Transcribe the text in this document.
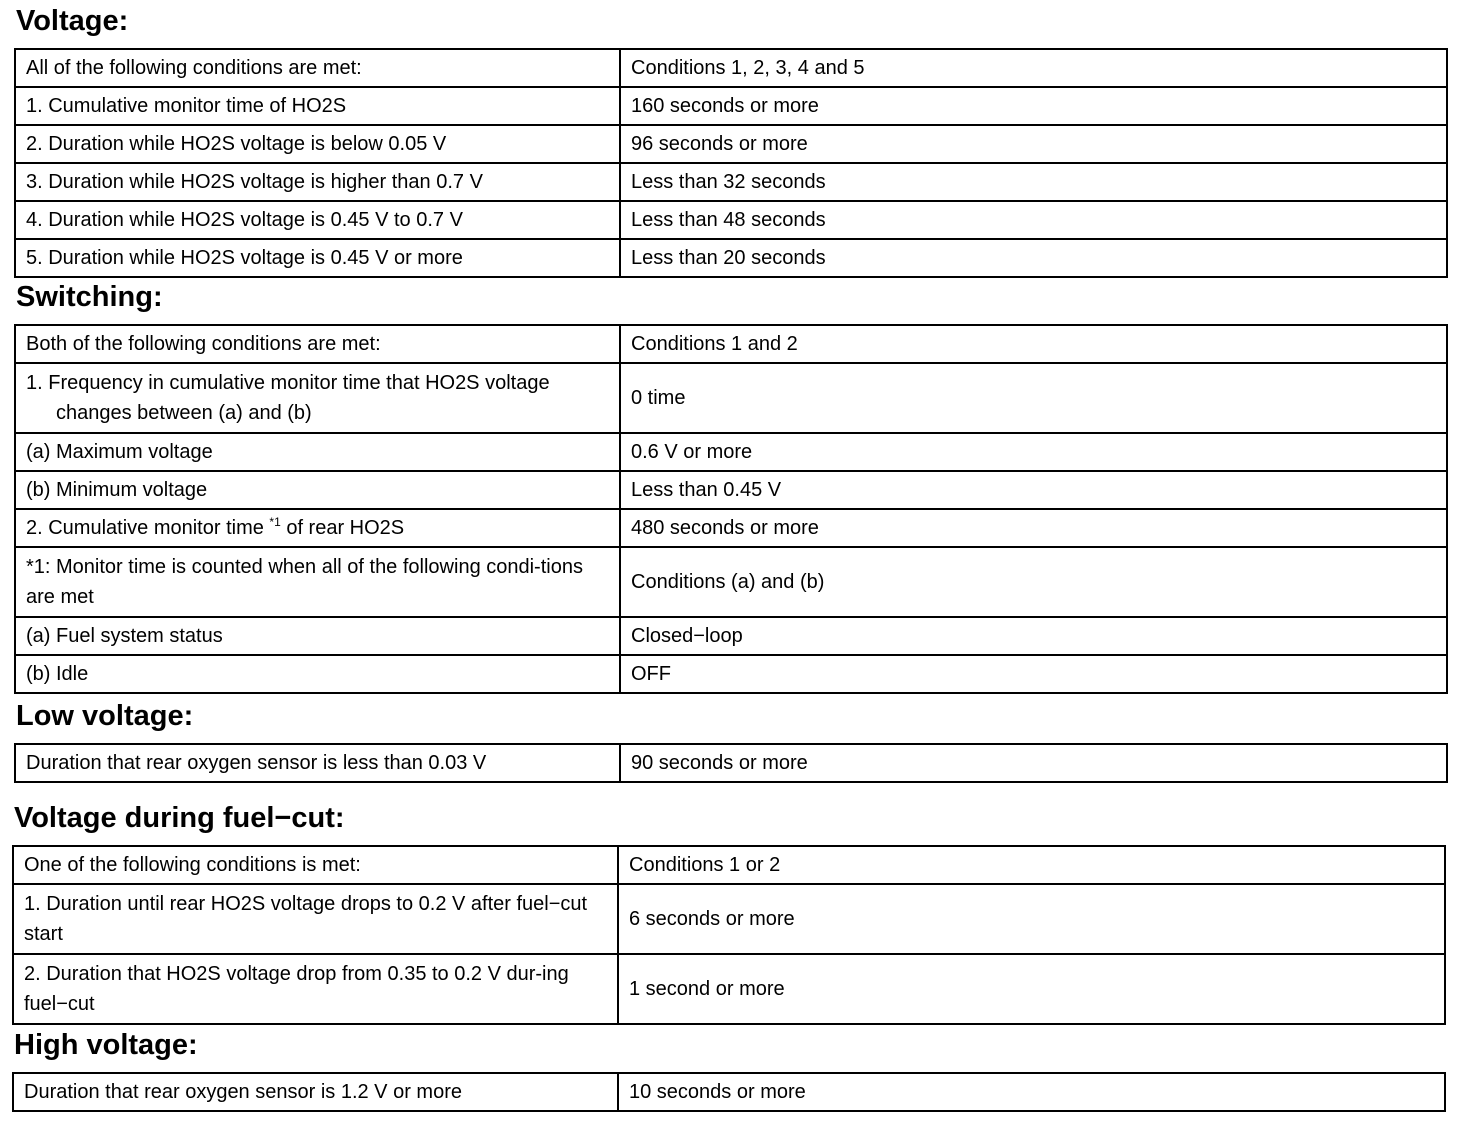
Voltage:
All of the following conditions are met:	Conditions 1, 2, 3, 4 and 5
1. Cumulative monitor time of HO2S	160 seconds or more
2. Duration while HO2S voltage is below 0.05 V	96 seconds or more
3. Duration while HO2S voltage is higher than 0.7 V	Less than 32 seconds
4. Duration while HO2S voltage is 0.45 V to 0.7 V	Less than 48 seconds
5. Duration while HO2S voltage is 0.45 V or more	Less than 20 seconds
Switching:
Both of the following conditions are met:	Conditions 1 and 2

1. Frequency in cumulative monitor time that HO2S voltage changes between (a) and (b)	0 time
(a) Maximum voltage	0.6 V or more
(b) Minimum voltage	Less than 0.45 V
2. Cumulative monitor time $^{*1}$ of rear HO2S	480 seconds or more
*1: Monitor time is counted when all of the following condi-tions are met	Conditions (a) and (b)
(a) Fuel system status	Closed−loop
(b) Idle	OFF
Low voltage:
Duration that rear oxygen sensor is less than 0.03 V	90 seconds or more
Voltage during fuel−cut:
One of the following conditions is met:	Conditions 1 or 2
1. Duration until rear HO2S voltage drops to 0.2 V after fuel−cut start	6 seconds or more
2. Duration that HO2S voltage drop from 0.35 to 0.2 V dur-ing fuel−cut	1 second or more
High voltage:
Duration that rear oxygen sensor is 1.2 V or more	10 seconds or more
